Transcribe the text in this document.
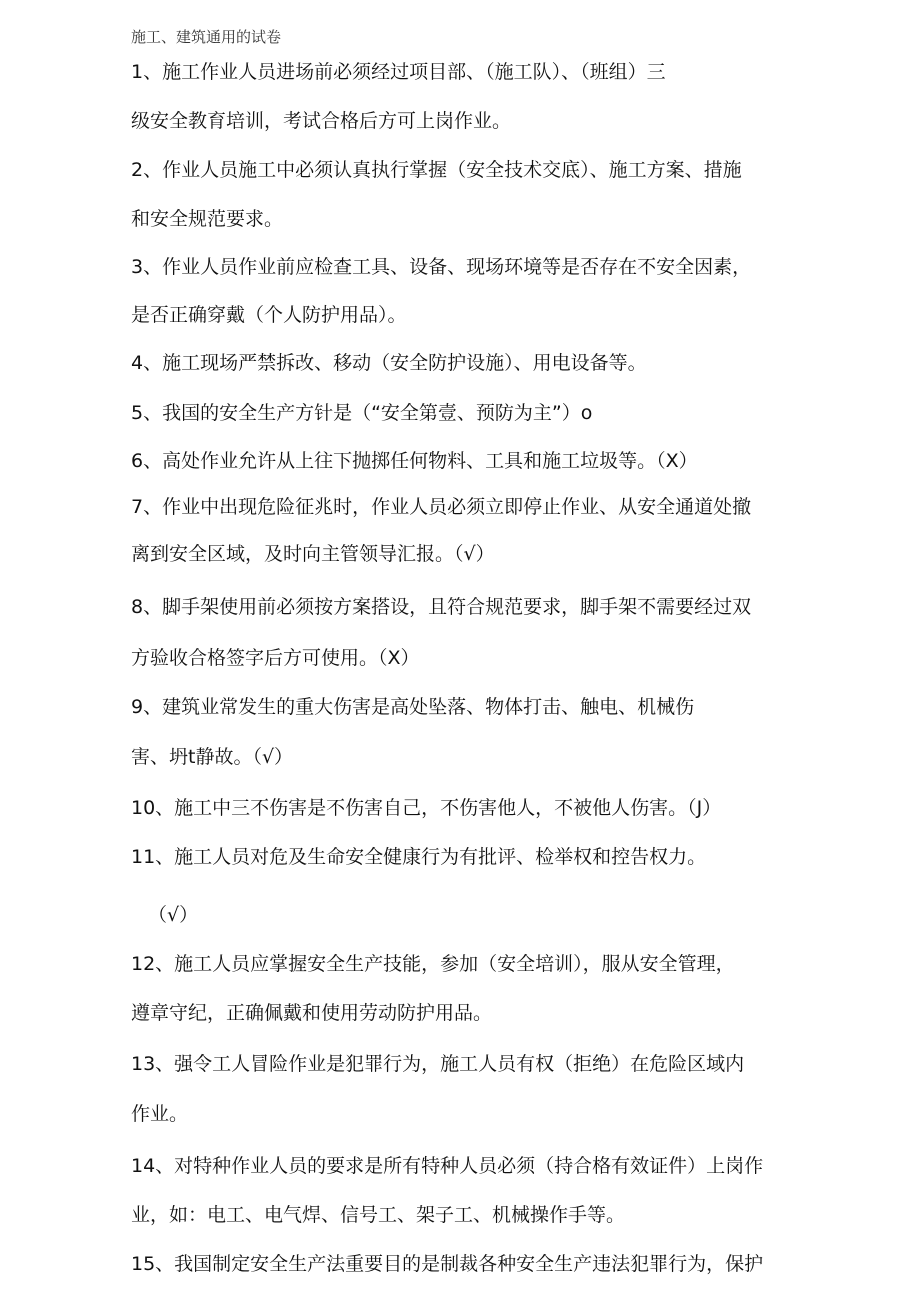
施工、建筑通用的试卷
1、施工作业人员进场前必须经过项目部、（施工队）、（班组）三
级安全教育培训，考试合格后方可上岗作业。
2、作业人员施工中必须认真执行掌握（安全技术交底）、施工方案、措施
和安全规范要求。
3、作业人员作业前应检查工具、设备、现场环境等是否存在不安全因素，
是否正确穿戴（个人防护用品）。
4、施工现场严禁拆改、移动（安全防护设施）、用电设备等。
5、我国的安全生产方针是（“安全第壹、预防为主”）o
6、高处作业允许从上往下抛掷任何物料、工具和施工垃圾等。（X）
7、作业中出现危险征兆时，作业人员必须立即停止作业、从安全通道处撤
离到安全区域，及时向主管领导汇报。（√）
8、脚手架使用前必须按方案搭设，且符合规范要求，脚手架不需要经过双
方验收合格签字后方可使用。（X）
9、建筑业常发生的重大伤害是高处坠落、物体打击、触电、机械伤
害、坍t静故。（√）
10、施工中三不伤害是不伤害自己，不伤害他人，不被他人伤害。（J）
11、施工人员对危及生命安全健康行为有批评、检举权和控告权力。
（√）
12、施工人员应掌握安全生产技能，参加（安全培训），服从安全管理，
遵章守纪，正确佩戴和使用劳动防护用品。
13、强令工人冒险作业是犯罪行为，施工人员有权（拒绝）在危险区域内
作业。
14、对特种作业人员的要求是所有特种人员必须（持合格有效证件）上岗作
业，如：电工、电气焊、信号工、架子工、机械操作手等。
15、我国制定安全生产法重要目的是制裁各种安全生产违法犯罪行为，保护
